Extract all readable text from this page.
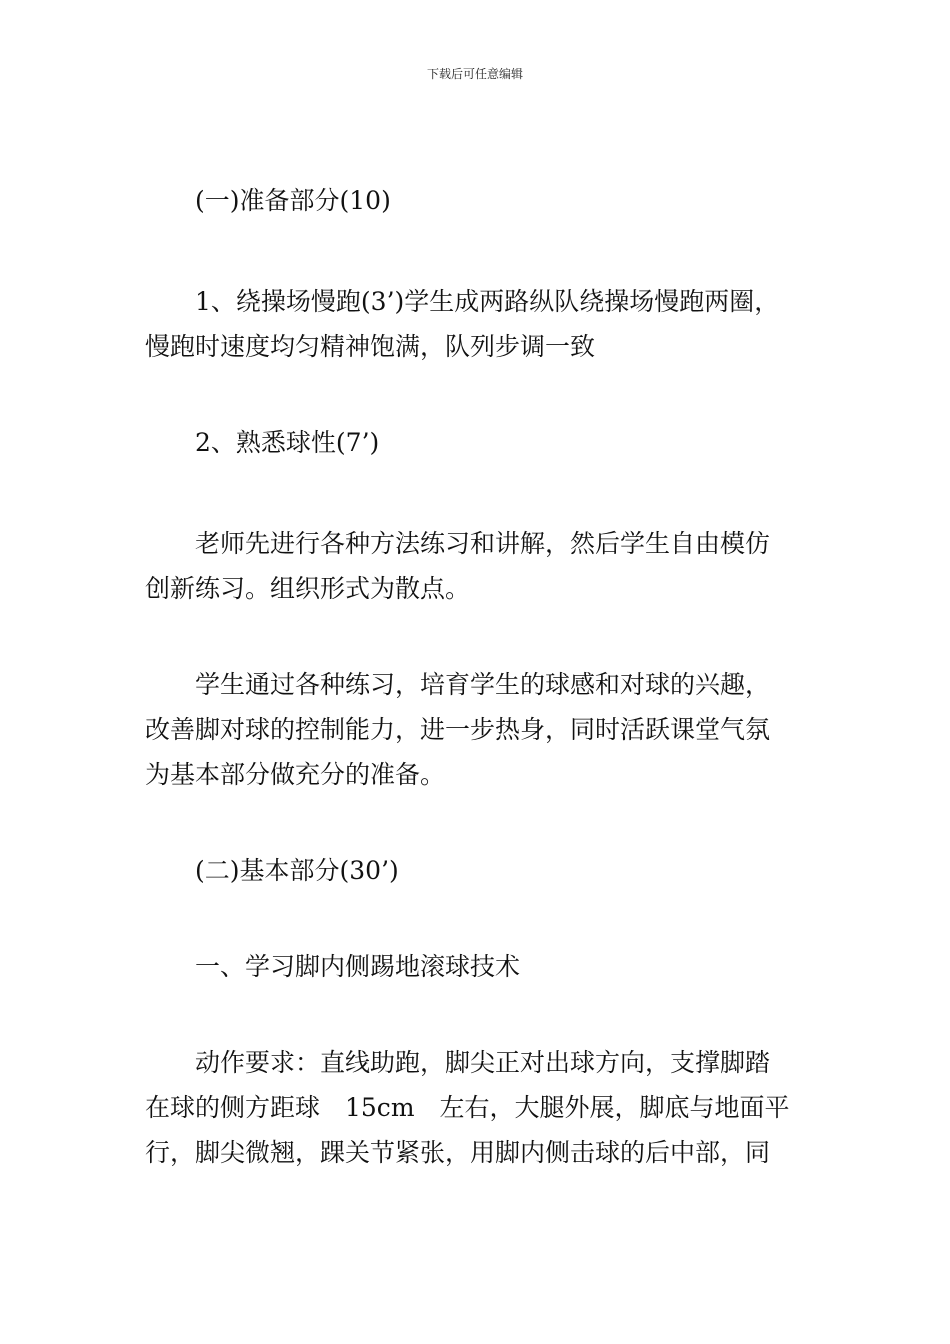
下载后可任意编辑

(一)准备部分(10)

1、绕操场慢跑(3’)学生成两路纵队绕操场慢跑两圈，
慢跑时速度均匀精神饱满，队列步调一致

2、熟悉球性(7’)

老师先进行各种方法练习和讲解，然后学生自由模仿
创新练习。组织形式为散点。

学生通过各种练习，培育学生的球感和对球的兴趣，
改善脚对球的控制能力，进一步热身，同时活跃课堂气氛
为基本部分做充分的准备。

(二)基本部分(30’)

一、学习脚内侧踢地滚球技术

动作要求：直线助跑，脚尖正对出球方向，支撑脚踏
在球的侧方距球　15cm　左右，大腿外展，脚底与地面平
行，脚尖微翘，踝关节紧张，用脚内侧击球的后中部，同
